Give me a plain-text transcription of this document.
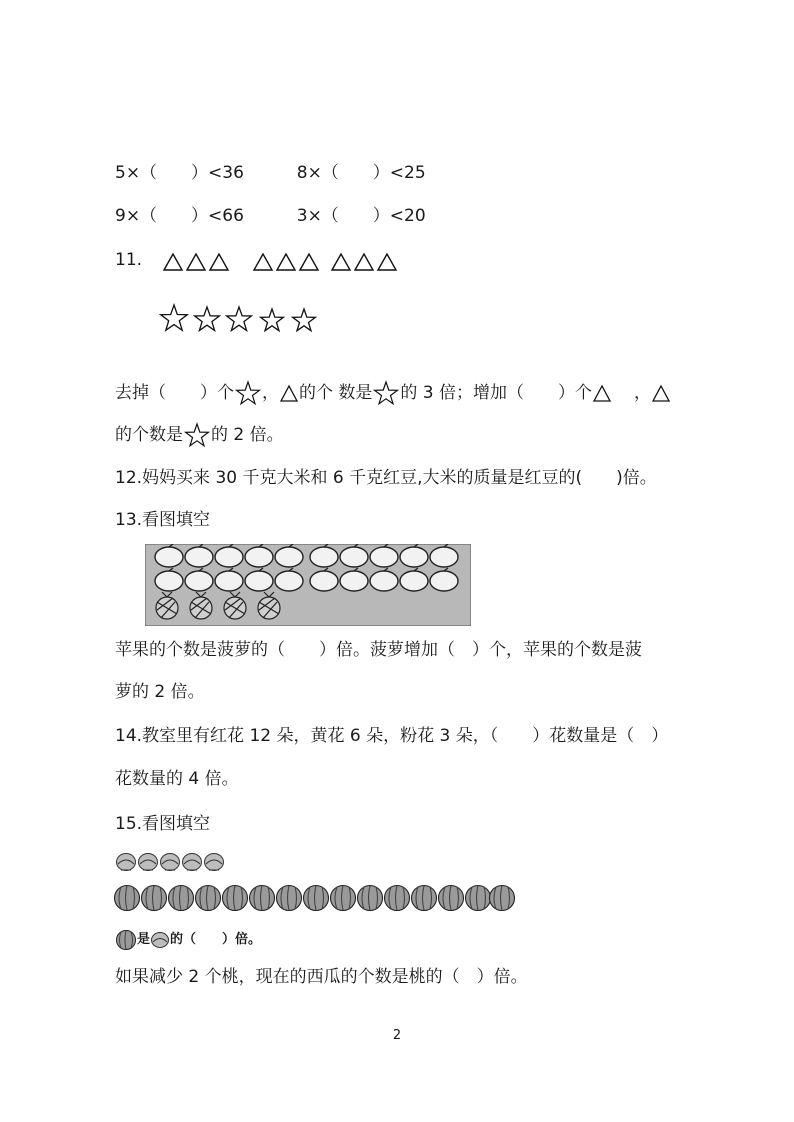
5×（　　）<36	8×（　　）<25
9×（　　）<66	3×（　　）<20
11.
去掉（　　）个 ， 的个 数是 的 3 倍；增加（　　）个 ，
的个数是 的 2 倍。
12.妈妈买来 30 千克大米和 6 千克红豆,大米的质量是红豆的(　　)倍。
13.看图填空
苹果的个数是菠萝的（　　）倍。菠萝增加（　）个，苹果的个数是菠
萝的 2 倍。
14.教室里有红花 12 朵，黄花 6 朵，粉花 3 朵，（　　）花数量是（　）
花数量的 4 倍。
15.看图填空
是 的（　　）倍。
如果减少 2 个桃，现在的西瓜的个数是桃的（　）倍。
2
